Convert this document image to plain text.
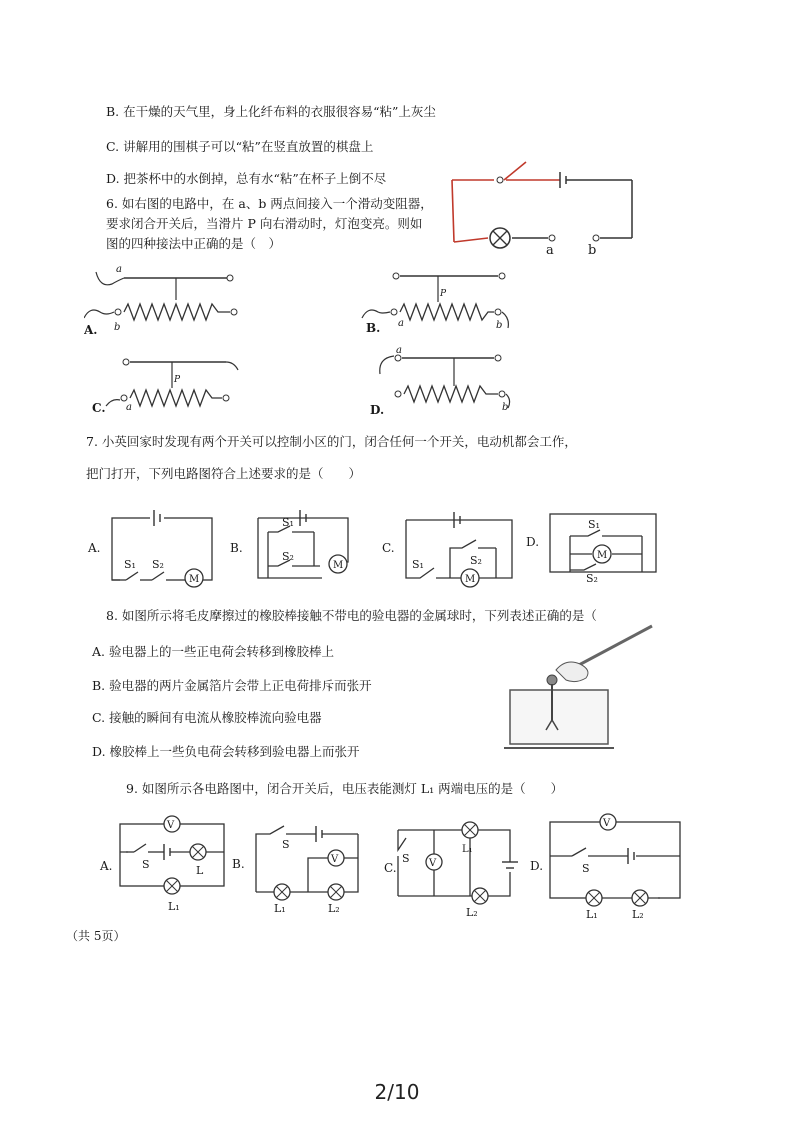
B. 在干燥的天气里，身上化纤布料的衣服很容易“粘”上灰尘
C. 讲解用的围棋子可以“粘”在竖直放置的棋盘上
D. 把茶杯中的水倒掉，总有水“粘”在杯子上倒不尽
6. 如右图的电路中，在 a、b 两点间接入一个滑动变阻器，
要求闭合开关后，当滑片 P 向右滑动时，灯泡变亮。则如
图的四种接法中正确的是（　）	a	b
a
b
A.
P
a	b
B.
P
a
C.
a
b
D.
7. 小英回家时发现有两个开关可以控制小区的门，闭合任何一个开关，电动机都会工作，
把门打开，下列电路图符合上述要求的是（　　）
A.
S₁ S₂
M
B.
S₁
S₂
M
C.
S₁	S₂
M
D.
S₁
S₂
M
8. 如图所示将毛皮摩擦过的橡胶棒接触不带电的验电器的金属球时，下列表述正确的是（
A. 验电器上的一些正电荷会转移到橡胶棒上
B. 验电器的两片金属箔片会带上正电荷排斥而张开
C. 接触的瞬间有电流从橡胶棒流向验电器
D. 橡胶棒上一些负电荷会转移到验电器上而张开
9. 如图所示各电路图中，闭合开关后，电压表能测灯 L₁ 两端电压的是（　　）
A.
V
S	L
L₁
B.
S
V
L₁	L₂
C.
S V
L₁
L₂
D.
V
S
L₁	L₂
（共 5页）
2/10
